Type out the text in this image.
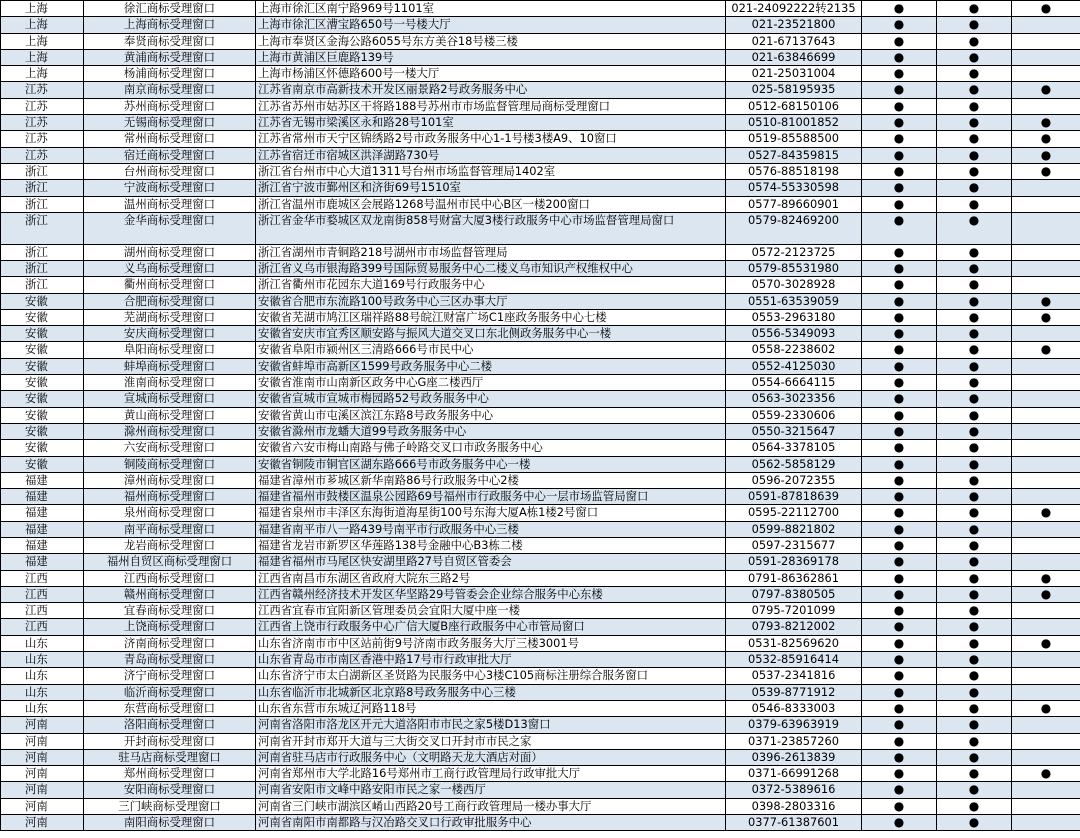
上海	徐汇商标受理窗口	上海市徐汇区南宁路969号1101室	021-24092222转2135	●	●	●
上海	上海商标受理窗口	上海市徐汇区漕宝路650号一号楼大厅	021-23521800	●	●	
上海	奉贤商标受理窗口	上海市奉贤区金海公路6055号东方美谷18号楼三楼	021-67137643	●	●	
上海	黄浦商标受理窗口	上海市黄浦区巨鹿路139号	021-63846699	●	●	
上海	杨浦商标受理窗口	上海市杨浦区怀德路600号一楼大厅	021-25031004	●	●	
江苏	南京商标受理窗口	江苏省南京市高新技术开发区丽景路2号政务服务中心	025-58195935	●	●	●
江苏	苏州商标受理窗口	江苏省苏州市姑苏区干将路188号苏州市市场监督管理局商标受理窗口	0512-68150106	●	●	
江苏	无锡商标受理窗口	江苏省无锡市梁溪区永和路28号101室	0510-81001852	●	●	●
江苏	常州商标受理窗口	江苏省常州市天宁区锦绣路2号市政务服务中心1-1号楼3楼A9、10窗口	0519-85588500	●	●	●
江苏	宿迁商标受理窗口	江苏省宿迁市宿城区洪泽湖路730号	0527-84359815	●	●	●
浙江	台州商标受理窗口	浙江省台州市中心大道1311号台州市场监督管理局1402室	0576-88518198	●	●	●
浙江	宁波商标受理窗口	浙江省宁波市鄞州区和济街69号1510室	0574-55330598	●	●	
浙江	温州商标受理窗口	浙江省温州市鹿城区会展路1268号温州市民中心B区一楼200窗口	0577-89660901	●	●	
浙江	金华商标受理窗口	浙江省金华市婺城区双龙南街858号财富大厦3楼行政服务中心市场监督管理局窗口	0579-82469200	●	●	
浙江	湖州商标受理窗口	浙江省湖州市青铜路218号湖州市市场监督管理局	0572-2123725	●	●	
浙江	义乌商标受理窗口	浙江省义乌市银海路399号国际贸易服务中心二楼义乌市知识产权维权中心	0579-85531980	●	●	
浙江	衢州商标受理窗口	浙江省衢州市花园东大道169号行政服务中心	0570-3028928	●	●	
安徽	合肥商标受理窗口	安徽省合肥市东流路100号政务中心三区办事大厅	0551-63539059	●	●	●
安徽	芜湖商标受理窗口	安徽省芜湖市鸠江区瑞祥路88号皖江财富广场C1座政务服务中心七楼	0553-2963180	●	●	●
安徽	安庆商标受理窗口	安徽省安庆市宜秀区顺安路与振风大道交叉口东北侧政务服务中心一楼	0556-5349093	●	●	
安徽	阜阳商标受理窗口	安徽省阜阳市颍州区三清路666号市民中心	0558-2238602	●	●	●
安徽	蚌埠商标受理窗口	安徽省蚌埠市高新区1599号政务服务中心二楼	0552-4125030	●	●	
安徽	淮南商标受理窗口	安徽省淮南市山南新区政务中心G座二楼西厅	0554-6664115	●	●	
安徽	宣城商标受理窗口	安徽省宣城市宣城市梅园路52号政务服务中心	0563-3023356	●	●	
安徽	黄山商标受理窗口	安徽省黄山市屯溪区滨江东路8号政务服务中心	0559-2330606	●	●	
安徽	滁州商标受理窗口	安徽省滁州市龙蟠大道99号政务服务中心	0550-3215647	●	●	
安徽	六安商标受理窗口	安徽省六安市梅山南路与佛子岭路交叉口市政务服务中心	0564-3378105	●	●	
安徽	铜陵商标受理窗口	安徽省铜陵市铜官区湖东路666号市政务服务中心一楼	0562-5858129	●	●	
福建	漳州商标受理窗口	福建省漳州市芗城区新华南路86号行政服务中心2楼	0596-2072355	●	●	
福建	福州商标受理窗口	福建省福州市鼓楼区温泉公园路69号福州市行政服务中心一层市场监管局窗口	0591-87818639	●	●	
福建	泉州商标受理窗口	福建省泉州市丰泽区东海街道海星街100号东海大厦A栋1楼2号窗口	0595-22112700	●	●	●
福建	南平商标受理窗口	福建省南平市八一路439号南平市行政服务中心三楼	0599-8821802	●	●	
福建	龙岩商标受理窗口	福建省龙岩市新罗区华莲路138号金融中心B3栋二楼	0597-2315677	●	●	
福建	福州自贸区商标受理窗口	福建省福州市马尾区快安湖里路27号自贸区管委会	0591-28369178	●	●	
江西	江西商标受理窗口	江西省南昌市东湖区省政府大院东三路2号	0791-86362861	●	●	●
江西	赣州商标受理窗口	江西省赣州经济技术开发区华坚路29号管委会企业综合服务中心东楼	0797-8380505	●	●	●
江西	宜春商标受理窗口	江西省宜春市宜阳新区管理委员会宜阳大厦中座一楼	0795-7201099	●	●	
江西	上饶商标受理窗口	江西省上饶市行政服务中心广信大厦B座行政服务中心市管局窗口	0793-8212002	●	●	
山东	济南商标受理窗口	山东省济南市市中区站前街9号济南市政务服务大厅三楼3001号	0531-82569620	●	●	●
山东	青岛商标受理窗口	山东省青岛市市南区香港中路17号市行政审批大厅	0532-85916414	●	●	
山东	济宁商标受理窗口	山东省济宁市太白湖新区圣贤路为民服务中心3楼C105商标注册综合服务窗口	0537-2341816	●	●	
山东	临沂商标受理窗口	山东省临沂市北城新区北京路8号政务服务中心三楼	0539-8771912	●	●	
山东	东营商标受理窗口	山东省东营市东城辽河路118号	0546-8333003	●	●	●
河南	洛阳商标受理窗口	河南省洛阳市洛龙区开元大道洛阳市市民之家5楼D13窗口	0379-63963919	●	●	
河南	开封商标受理窗口	河南省开封市郑开大道与三大街交叉口开封市市民之家	0371-23857260	●	●	
河南	驻马店商标受理窗口	河南省驻马店市行政服务中心（文明路天龙大酒店对面）	0396-2613839	●	●	
河南	郑州商标受理窗口	河南省郑州市大学北路16号郑州市工商行政管理局行政审批大厅	0371-66991268	●	●	●
河南	安阳商标受理窗口	河南省安阳市文峰中路安阳市民之家一楼西厅	0372-5389616	●	●	
河南	三门峡商标受理窗口	河南省三门峡市湖滨区崤山西路20号工商行政管理局一楼办事大厅	0398-2803316	●	●	
河南	南阳商标受理窗口	河南省南阳市南都路与汉冶路交叉口行政审批服务中心	0377-61387601	●	●	
